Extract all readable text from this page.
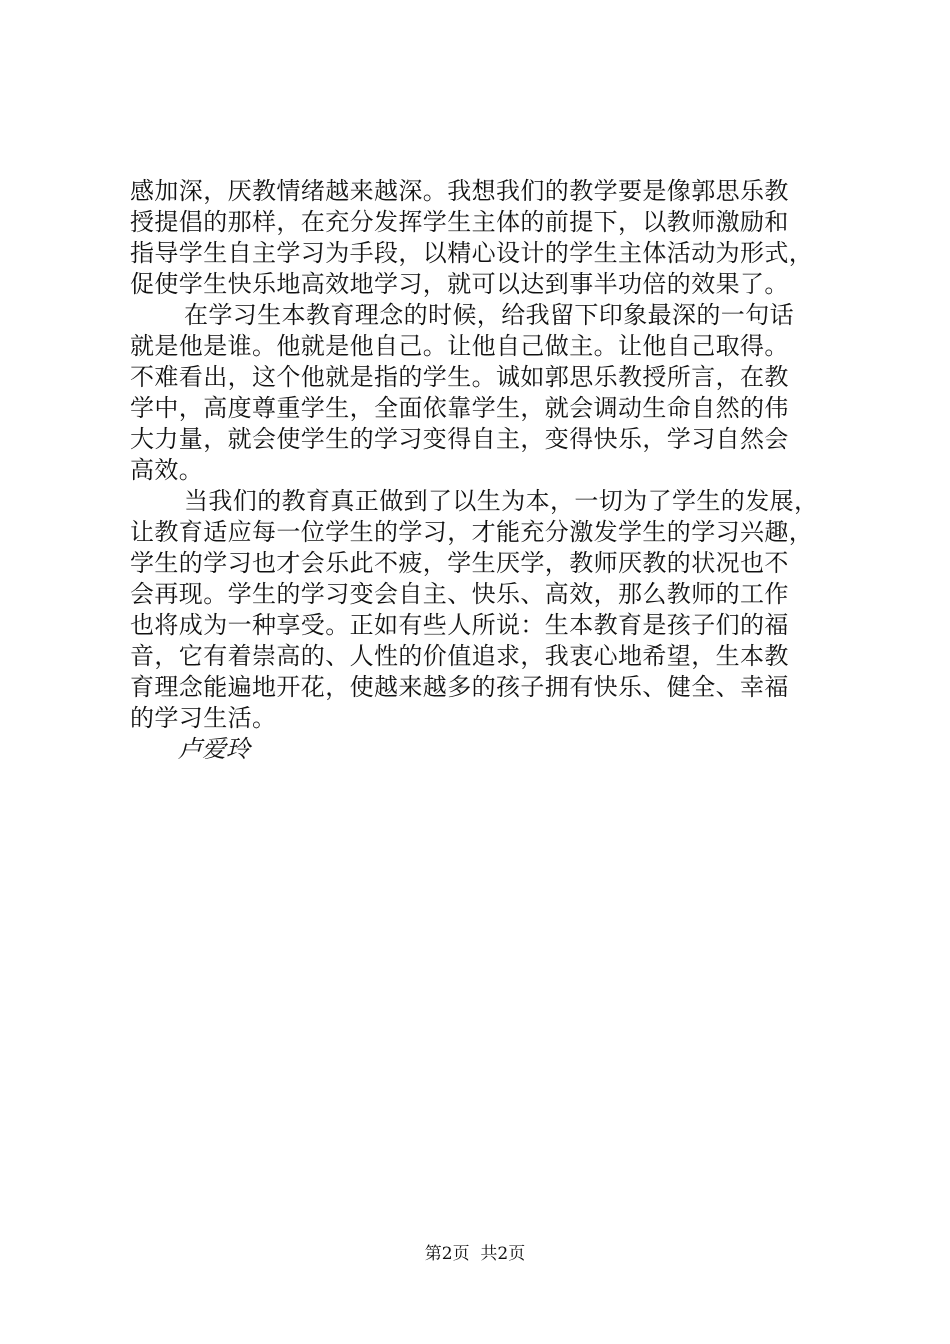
感加深，厌教情绪越来越深。我想我们的教学要是像郭思乐教
授提倡的那样，在充分发挥学生主体的前提下，以教师激励和
指导学生自主学习为手段，以精心设计的学生主体活动为形式，
促使学生快乐地高效地学习，就可以达到事半功倍的效果了。
在学习生本教育理念的时候，给我留下印象最深的一句话
就是他是谁。他就是他自己。让他自己做主。让他自己取得。
不难看出，这个他就是指的学生。诚如郭思乐教授所言，在教
学中，高度尊重学生，全面依靠学生，就会调动生命自然的伟
大力量，就会使学生的学习变得自主，变得快乐，学习自然会
高效。
当我们的教育真正做到了以生为本，一切为了学生的发展，
让教育适应每一位学生的学习，才能充分激发学生的学习兴趣，
学生的学习也才会乐此不疲，学生厌学，教师厌教的状况也不
会再现。学生的学习变会自主、快乐、高效，那么教师的工作
也将成为一种享受。正如有些人所说：生本教育是孩子们的福
音，它有着崇高的、人性的价值追求，我衷心地希望，生本教
育理念能遍地开花，使越来越多的孩子拥有快乐、健全、幸福
的学习生活。
卢爱玲
第2页  共2页
